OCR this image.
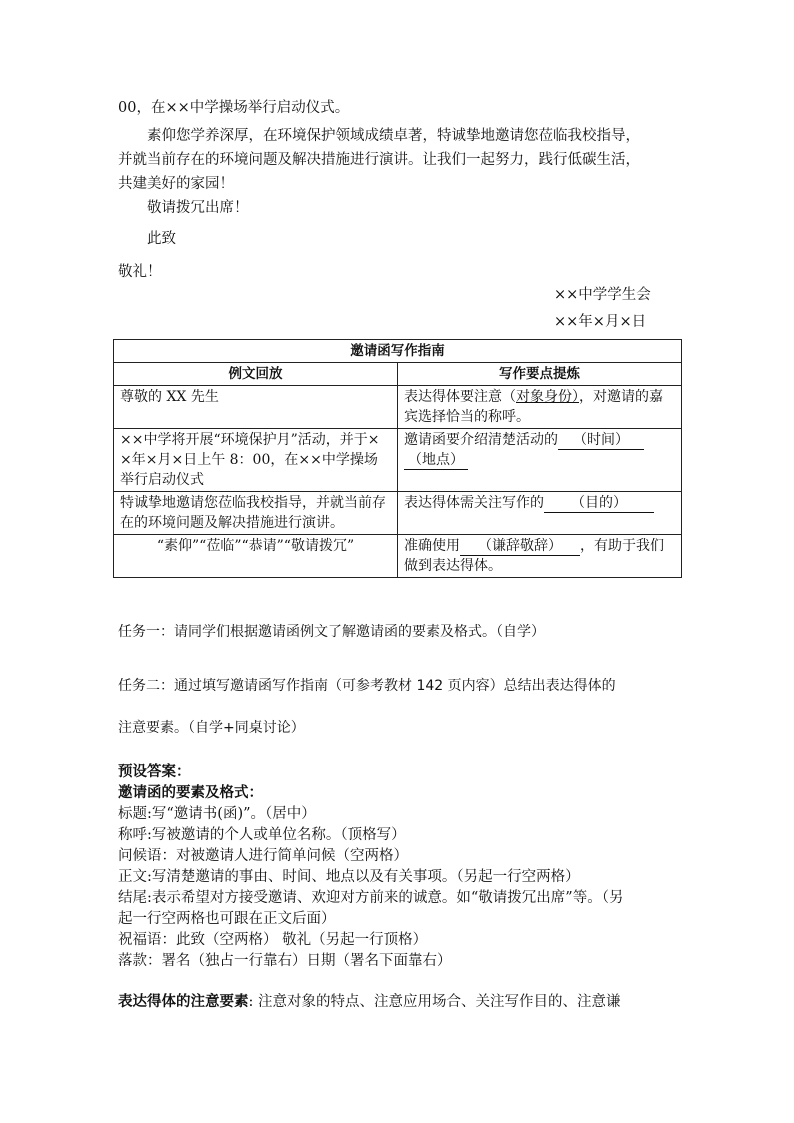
00，在××中学操场举行启动仪式。
素仰您学养深厚，在环境保护领域成绩卓著，特诚挚地邀请您莅临我校指导，
并就当前存在的环境问题及解决措施进行演讲。让我们一起努力，践行低碳生活，
共建美好的家园！
敬请拨冗出席！
此致
敬礼！
××中学学生会
××年×月×日
邀请函写作指南	
例文回放	写作要点提炼
尊敬的 XX 先生	表达得体要注意（对象身份），对邀请的嘉宾选择恰当的称呼。
××中学将开展“环境保护月”活动，并于××年×月×日上午 8：00，在××中学操场举行启动仪式	邀请函要介绍清楚活动的 （时间）
（地点）
特诚挚地邀请您莅临我校指导，并就当前存在的环境问题及解决措施进行演讲。	表达得体需关注写作的 （目的）
“素仰”“莅临”“恭请”“敬请拨冗”	准确使用 （谦辞敬辞） ，有助于我们做到表达得体。
任务一：请同学们根据邀请函例文了解邀请函的要素及格式。（自学）
任务二：通过填写邀请函写作指南（可参考教材 142 页内容）总结出表达得体的
注意要素。（自学+同桌讨论）
预设答案：
邀请函的要素及格式：
标题:写“邀请书(函)”。（居中）
称呼:写被邀请的个人或单位名称。（顶格写）
问候语：对被邀请人进行简单问候（空两格）
正文:写清楚邀请的事由、时间、地点以及有关事项。（另起一行空两格）
结尾:表示希望对方接受邀请、欢迎对方前来的诚意。如“敬请拨冗出席”等。（另
起一行空两格也可跟在正文后面）
祝福语：此致（空两格） 敬礼（另起一行顶格）
落款：署名（独占一行靠右）日期（署名下面靠右）
表达得体的注意要素: 注意对象的特点、注意应用场合、关注写作目的、注意谦
